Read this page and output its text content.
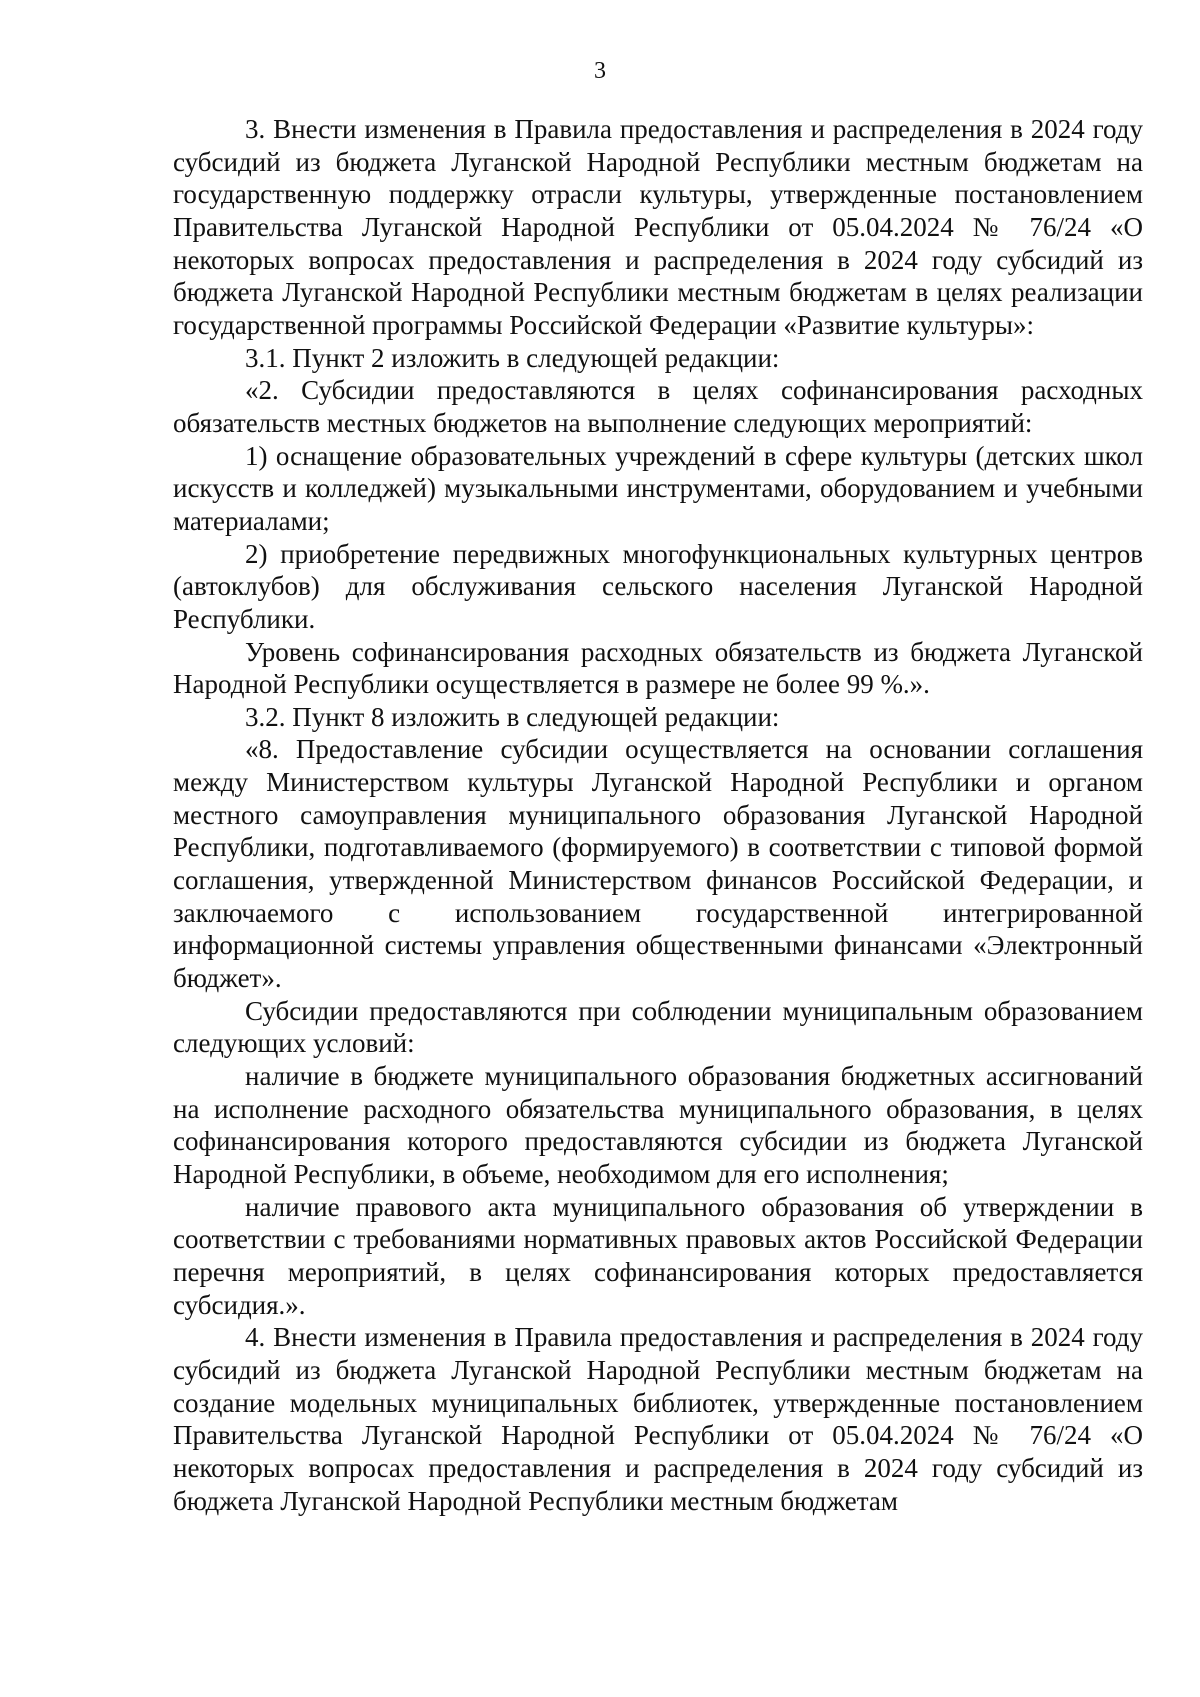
3

3. Внести изменения в Правила предоставления и распределения в 2024 году субсидий из бюджета Луганской Народной Республики местным бюджетам на государственную поддержку отрасли культуры, утвержденные постановлением Правительства Луганской Народной Республики от 05.04.2024 № 76/24 «О некоторых вопросах предоставления и распределения в 2024 году субсидий из бюджета Луганской Народной Республики местным бюджетам в целях реализации государственной программы Российской Федерации «Развитие культуры»:

3.1. Пункт 2 изложить в следующей редакции:

«2. Субсидии предоставляются в целях софинансирования расходных обязательств местных бюджетов на выполнение следующих мероприятий:

1) оснащение образовательных учреждений в сфере культуры (детских школ искусств и колледжей) музыкальными инструментами, оборудованием и учебными материалами;

2) приобретение передвижных многофункциональных культурных центров (автоклубов) для обслуживания сельского населения Луганской Народной Республики.

Уровень софинансирования расходных обязательств из бюджета Луганской Народной Республики осуществляется в размере не более 99 %.».

3.2. Пункт 8 изложить в следующей редакции:

«8. Предоставление субсидии осуществляется на основании соглашения между Министерством культуры Луганской Народной Республики и органом местного самоуправления муниципального образования Луганской Народной Республики, подготавливаемого (формируемого) в соответствии с типовой формой соглашения, утвержденной Министерством финансов Российской Федерации, и заключаемого с использованием государственной интегрированной информационной системы управления общественными финансами «Электронный бюджет».

Субсидии предоставляются при соблюдении муниципальным образованием следующих условий:

наличие в бюджете муниципального образования бюджетных ассигнований на исполнение расходного обязательства муниципального образования, в целях софинансирования которого предоставляются субсидии из бюджета Луганской Народной Республики, в объеме, необходимом для его исполнения;

наличие правового акта муниципального образования об утверждении в соответствии с требованиями нормативных правовых актов Российской Федерации перечня мероприятий, в целях софинансирования которых предоставляется субсидия.».

4. Внести изменения в Правила предоставления и распределения в 2024 году субсидий из бюджета Луганской Народной Республики местным бюджетам на создание модельных муниципальных библиотек, утвержденные постановлением Правительства Луганской Народной Республики от 05.04.2024 № 76/24 «О некоторых вопросах предоставления и распределения в 2024 году субсидий из бюджета Луганской Народной Республики местным бюджетам
